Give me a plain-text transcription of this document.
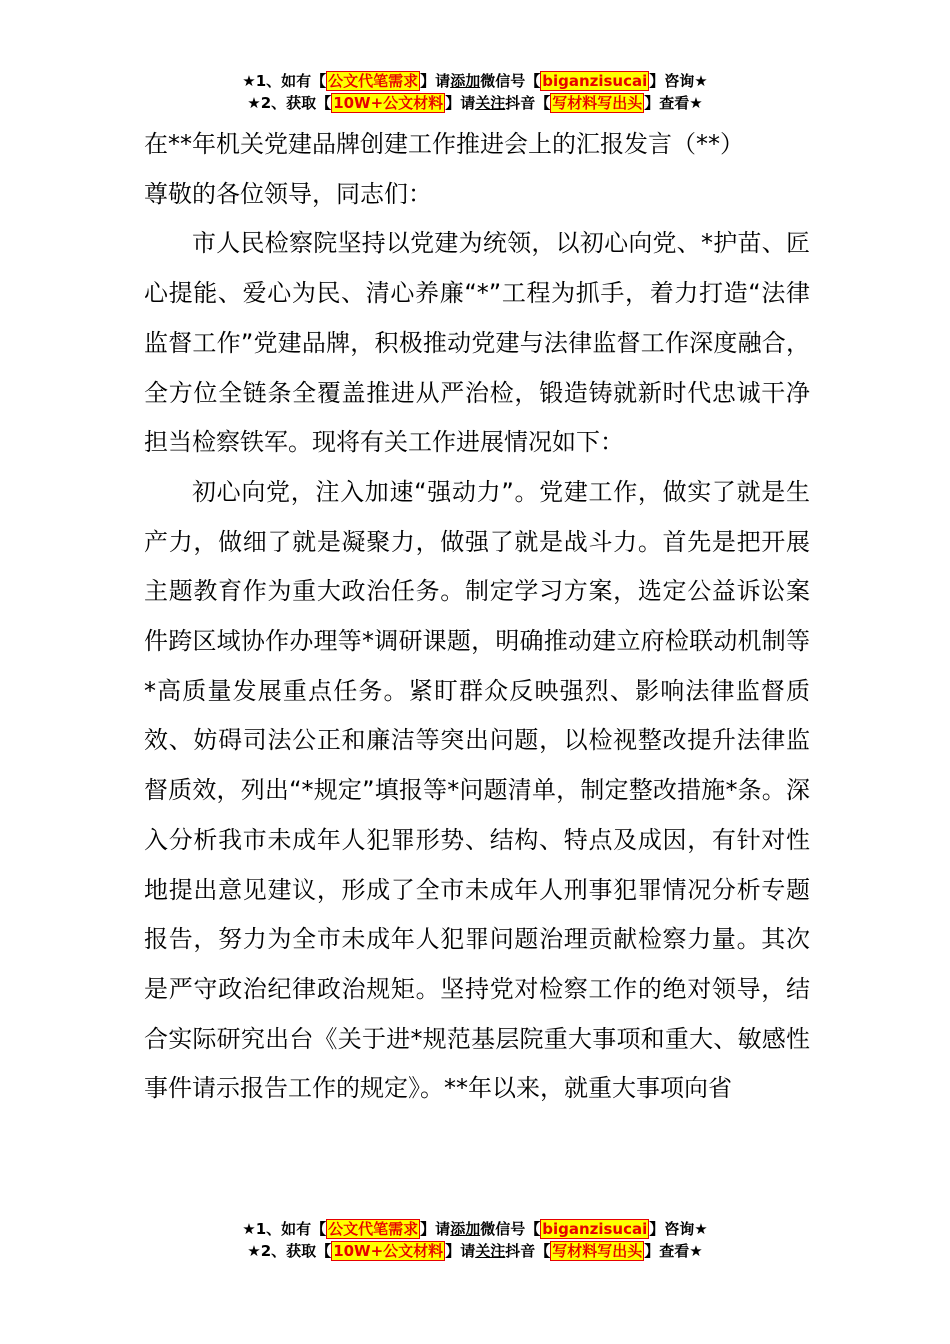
★1、如有【 公文代笔需求 】请添加微信号【 biganzisucai 】咨询★
★2、获取【 10W+公文材料 】请关注抖音【 写材料写出头 】查看★

在**年机关党建品牌创建工作推进会上的汇报发言（**）

尊敬的各位领导，同志们：

市人民检察院坚持以党建为统领，以初心向党、*护苗、匠心提能、爱心为民、清心养廉“*”工程为抓手，着力打造“法律监督工作”党建品牌，积极推动党建与法律监督工作深度融合，全方位全链条全覆盖推进从严治检，锻造铸就新时代忠诚干净担当检察铁军。现将有关工作进展情况如下：

初心向党，注入加速“强动力”。党建工作，做实了就是生产力，做细了就是凝聚力，做强了就是战斗力。首先是把开展主题教育作为重大政治任务。制定学习方案，选定公益诉讼案件跨区域协作办理等*调研课题，明确推动建立府检联动机制等*高质量发展重点任务。紧盯群众反映强烈、影响法律监督质效、妨碍司法公正和廉洁等突出问题，以检视整改提升法律监督质效，列出“*规定”填报等*问题清单，制定整改措施*条。深入分析我市未成年人犯罪形势、结构、特点及成因，有针对性地提出意见建议，形成了全市未成年人刑事犯罪情况分析专题报告，努力为全市未成年人犯罪问题治理贡献检察力量。其次是严守政治纪律政治规矩。坚持党对检察工作的绝对领导，结合实际研究出台《关于进*规范基层院重大事项和重大、敏感性事件请示报告工作的规定》。**年以来，就重大事项向省

★1、如有【 公文代笔需求 】请添加微信号【 biganzisucai 】咨询★
★2、获取【 10W+公文材料 】请关注抖音【 写材料写出头 】查看★
